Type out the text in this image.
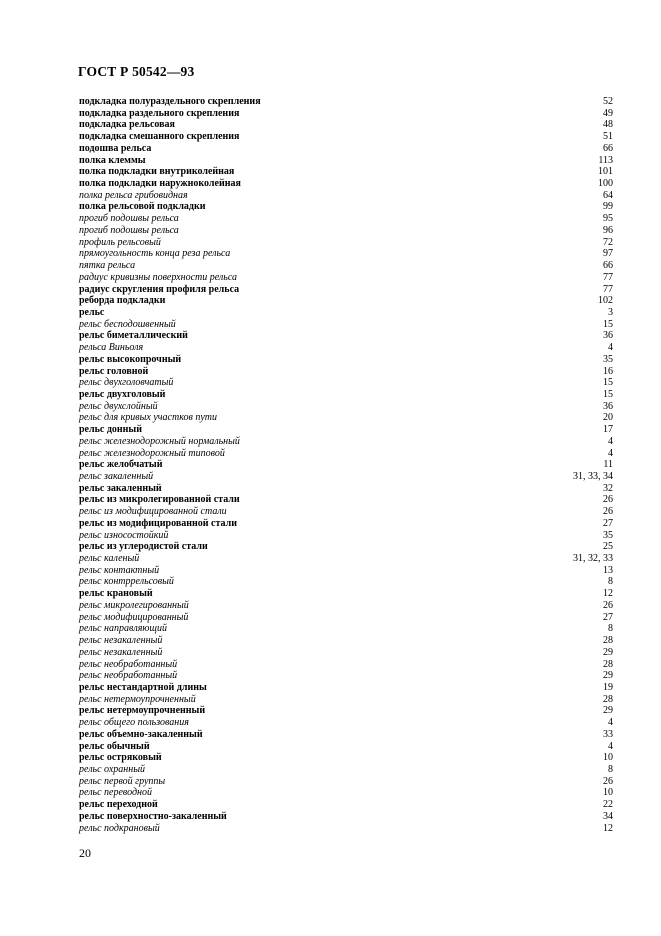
ГОСТ Р 50542—93
подкладка полураздельного скрепления	52
подкладка раздельного скрепления	49
подкладка рельсовая	48
подкладка смешанного скрепления	51
подошва рельса	66
полка клеммы	113
полка подкладки внутриколейная	101
полка подкладки наружноколейная	100
полка рельса грибовидная	64
полка рельсовой подкладки	99
прогиб подошвы рельса	95
прогиб подошвы рельса	96
профиль рельсовый	72
прямоугольность конца реза рельса	97
пятка рельса	66
радиус кривизны поверхности рельса	77
радиус скругления профиля рельса	77
реборда подкладки	102
рельс	3
рельс бесподошвенный	15
рельс биметаллический	36
рельса Виньоля	4
рельс высокопрочный	35
рельс головной	16
рельс двухголовчатый	15
рельс двухголовый	15
рельс двухслойный	36
рельс для кривых участков пути	20
рельс донный	17
рельс железнодорожный нормальный	4
рельс железнодорожный типовой	4
рельс желобчатый	11
рельс закаленный	31, 33, 34
рельс закаленный	32
рельс из микролегированной стали	26
рельс из модифицированной стали	26
рельс из модифицированной стали	27
рельс износостойкий	35
рельс из углеродистой стали	25
рельс каленый	31, 32, 33
рельс контактный	13
рельс контррельсовый	8
рельс крановый	12
рельс микролегированный	26
рельс модифицированный	27
рельс направляющий	8
рельс незакаленный	28
рельс незакаленный	29
рельс необработанный	28
рельс необработанный	29
рельс нестандартной длины	19
рельс нетермоупрочненный	28
рельс нетермоупрочненный	29
рельс общего пользования	4
рельс объемно-закаленный	33
рельс обычный	4
рельс остряковый	10
рельс охранный	8
рельс первой группы	26
рельс переводной	10
рельс переходной	22
рельс поверхностно-закаленный	34
рельс подкрановый	12
20
